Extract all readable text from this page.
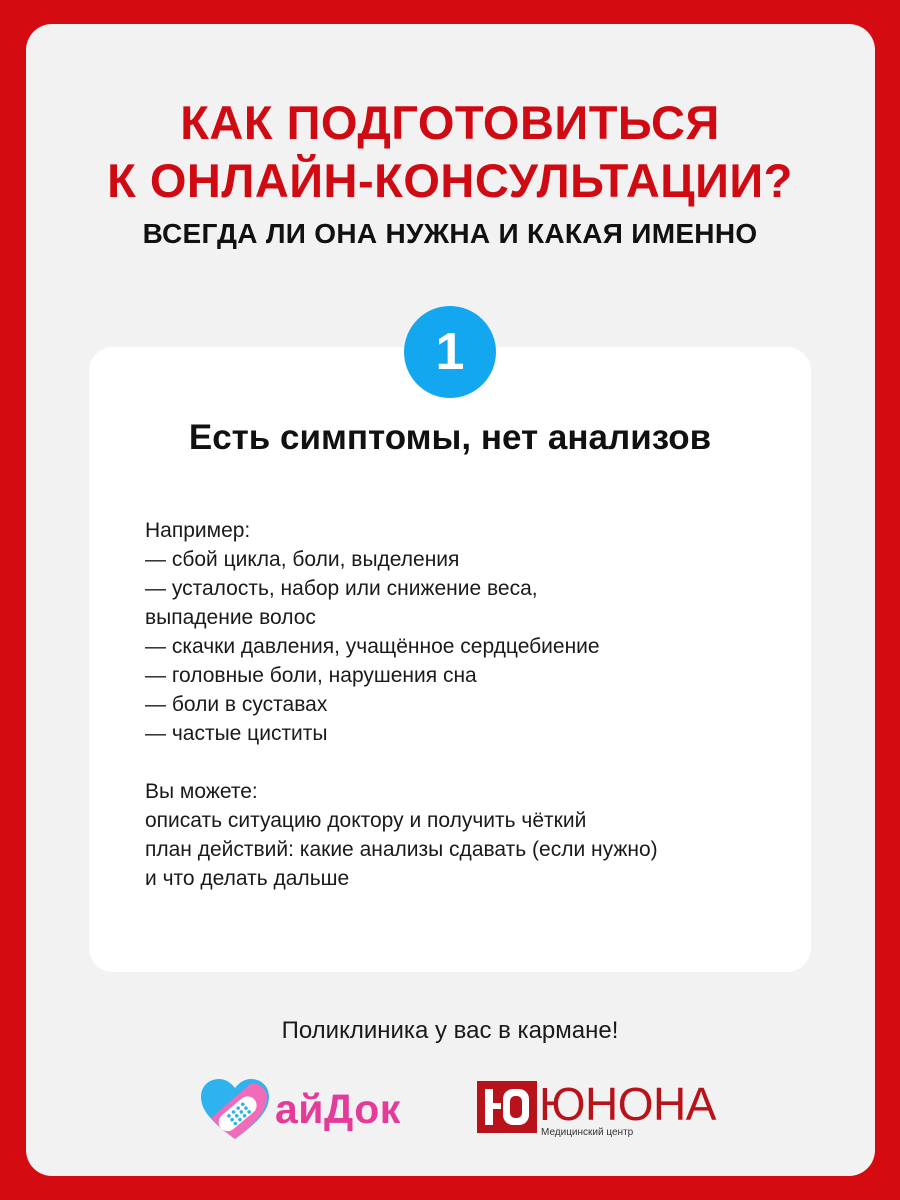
КАК ПОДГОТОВИТЬСЯ
К ОНЛАЙН-КОНСУЛЬТАЦИИ?
ВСЕГДА ЛИ ОНА НУЖНА И КАКАЯ ИМЕННО
1
Есть симптомы, нет анализов
Например:
— сбой цикла, боли, выделения
— усталость, набор или снижение веса,
выпадение волос
— скачки давления, учащённое сердцебиение
— головные боли, нарушения сна
— боли в суставах
— частые циститы
Вы можете:
описать ситуацию доктору и получить чёткий
план действий: какие анализы сдавать (если нужно)
и что делать дальше
Поликлиника у вас в кармане!
айДок	ЮНОНА
Медицинский центр
